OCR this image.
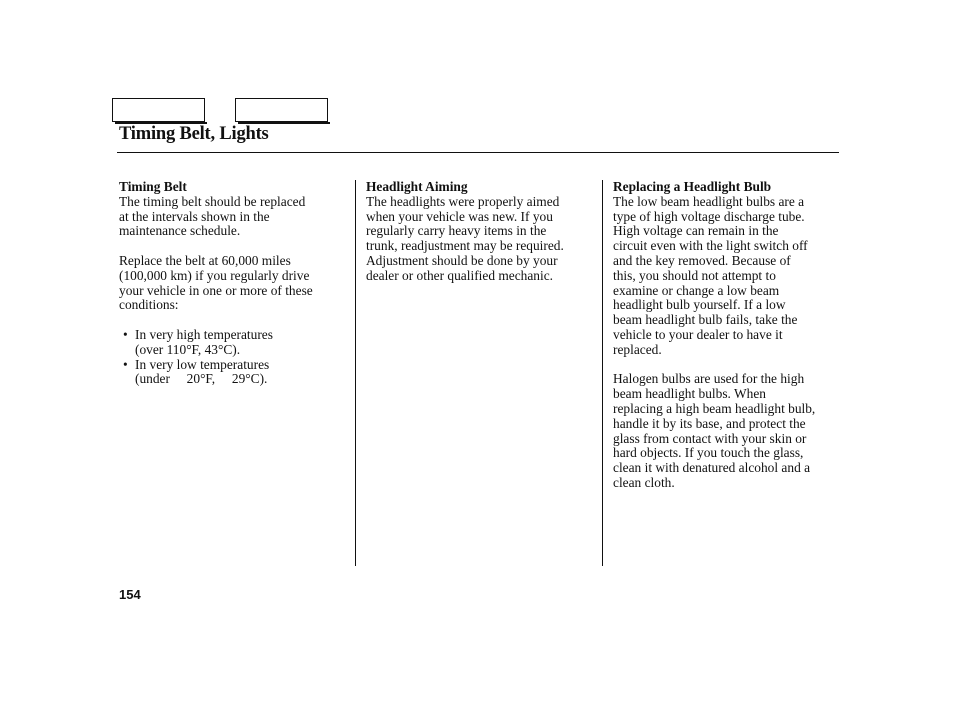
Timing Belt, Lights
Timing Belt
The timing belt should be replaced
at the intervals shown in the
maintenance schedule.
Replace the belt at 60,000 miles
(100,000 km) if you regularly drive
your vehicle in one or more of these
conditions:
• In very high temperatures
(over 110°F, 43°C).
• In very low temperatures
(under     20°F,     29°C).
Headlight Aiming
The headlights were properly aimed
when your vehicle was new. If you
regularly carry heavy items in the
trunk, readjustment may be required.
Adjustment should be done by your
dealer or other qualified mechanic.
Replacing a Headlight Bulb
The low beam headlight bulbs are a
type of high voltage discharge tube.
High voltage can remain in the
circuit even with the light switch off
and the key removed. Because of
this, you should not attempt to
examine or change a low beam
headlight bulb yourself. If a low
beam headlight bulb fails, take the
vehicle to your dealer to have it
replaced.
Halogen bulbs are used for the high
beam headlight bulbs. When
replacing a high beam headlight bulb,
handle it by its base, and protect the
glass from contact with your skin or
hard objects. If you touch the glass,
clean it with denatured alcohol and a
clean cloth.
154
